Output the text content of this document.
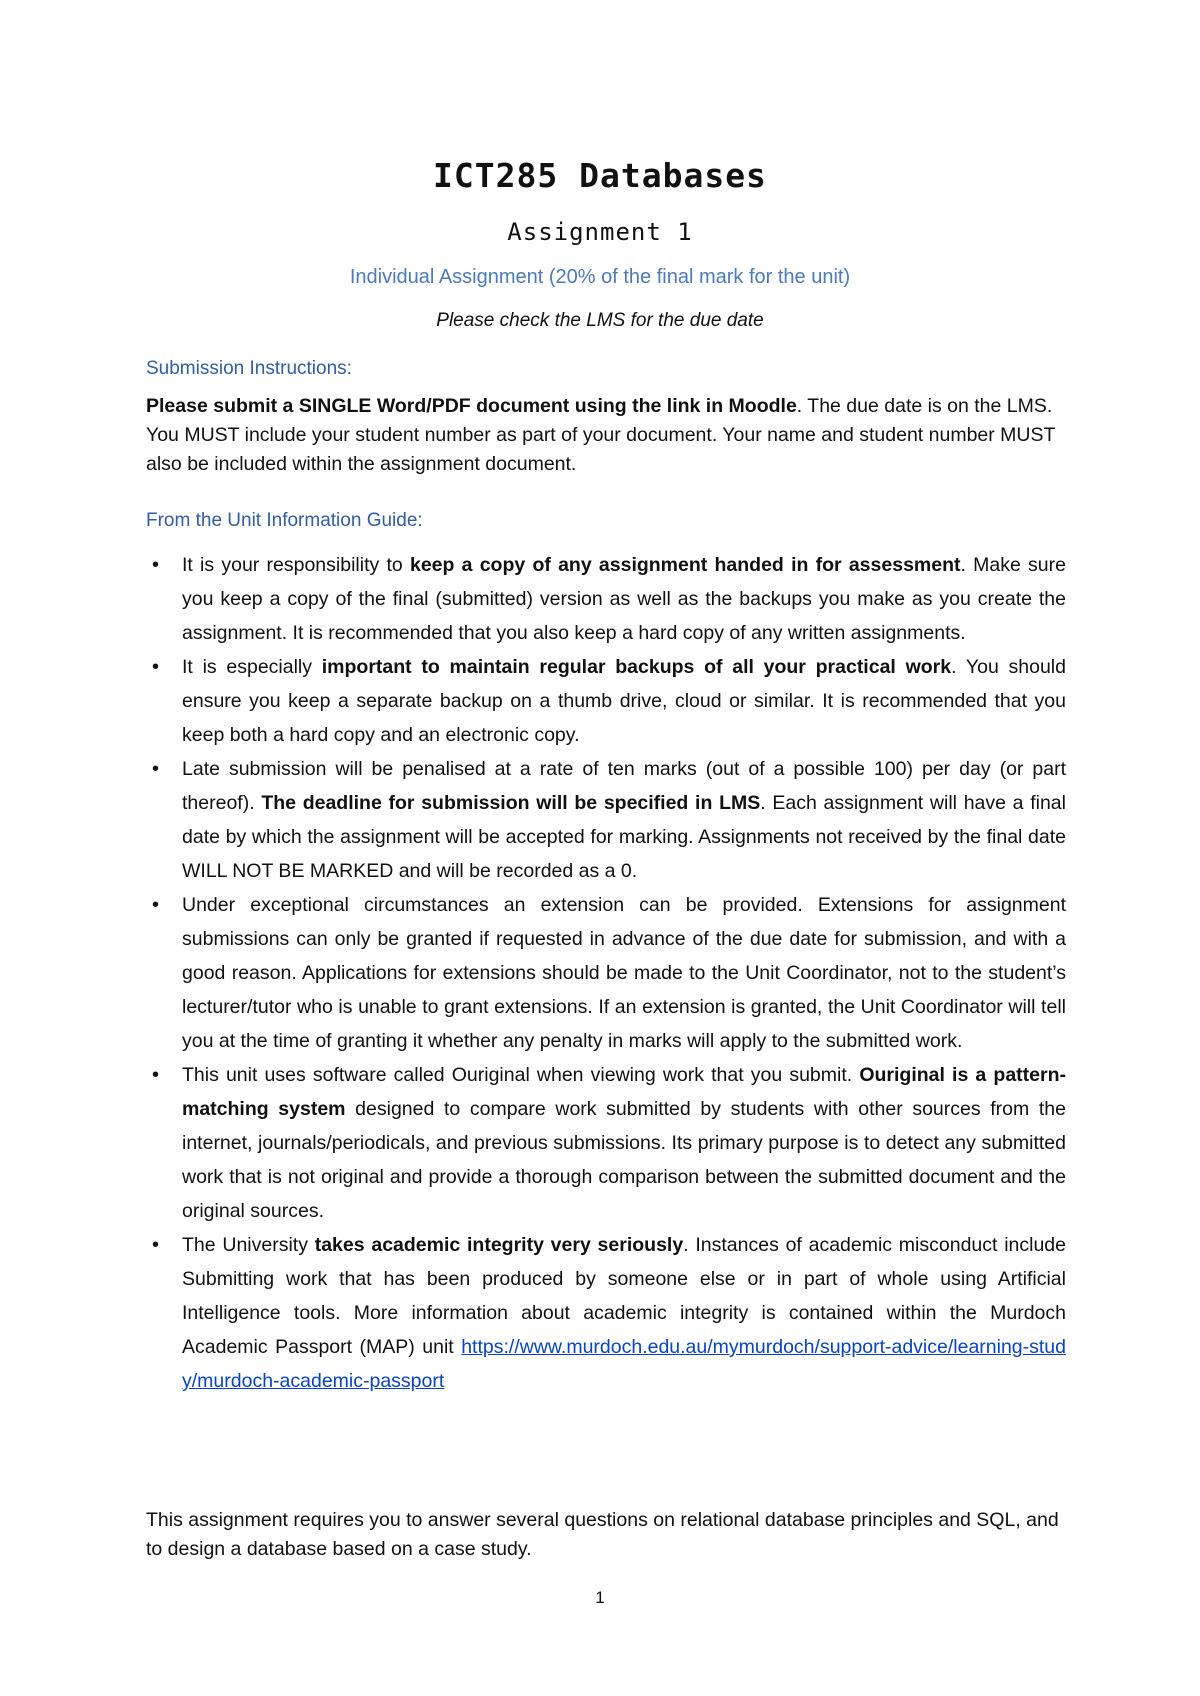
ICT285 Databases
Assignment 1
Individual Assignment (20% of the final mark for the unit)
Please check the LMS for the due date
Submission Instructions:
Please submit a SINGLE Word/PDF document using the link in Moodle. The due date is on the LMS. You MUST include your student number as part of your document. Your name and student number MUST also be included within the assignment document.
From the Unit Information Guide:
• It is your responsibility to keep a copy of any assignment handed in for assessment. Make sure you keep a copy of the final (submitted) version as well as the backups you make as you create the assignment. It is recommended that you also keep a hard copy of any written assignments.
• It is especially important to maintain regular backups of all your practical work. You should ensure you keep a separate backup on a thumb drive, cloud or similar. It is recommended that you keep both a hard copy and an electronic copy.
• Late submission will be penalised at a rate of ten marks (out of a possible 100) per day (or part thereof). The deadline for submission will be specified in LMS. Each assignment will have a final date by which the assignment will be accepted for marking. Assignments not received by the final date WILL NOT BE MARKED and will be recorded as a 0.
• Under exceptional circumstances an extension can be provided. Extensions for assignment submissions can only be granted if requested in advance of the due date for submission, and with a good reason. Applications for extensions should be made to the Unit Coordinator, not to the student’s lecturer/tutor who is unable to grant extensions. If an extension is granted, the Unit Coordinator will tell you at the time of granting it whether any penalty in marks will apply to the submitted work.
• This unit uses software called Ouriginal when viewing work that you submit. Ouriginal is a pattern-matching system designed to compare work submitted by students with other sources from the internet, journals/periodicals, and previous submissions. Its primary purpose is to detect any submitted work that is not original and provide a thorough comparison between the submitted document and the original sources.
• The University takes academic integrity very seriously. Instances of academic misconduct include Submitting work that has been produced by someone else or in part of whole using Artificial Intelligence tools. More information about academic integrity is contained within the Murdoch Academic Passport (MAP) unit https://www.murdoch.edu.au/mymurdoch/support-advice/learning-study/murdoch-academic-passport
This assignment requires you to answer several questions on relational database principles and SQL, and to design a database based on a case study.
1
